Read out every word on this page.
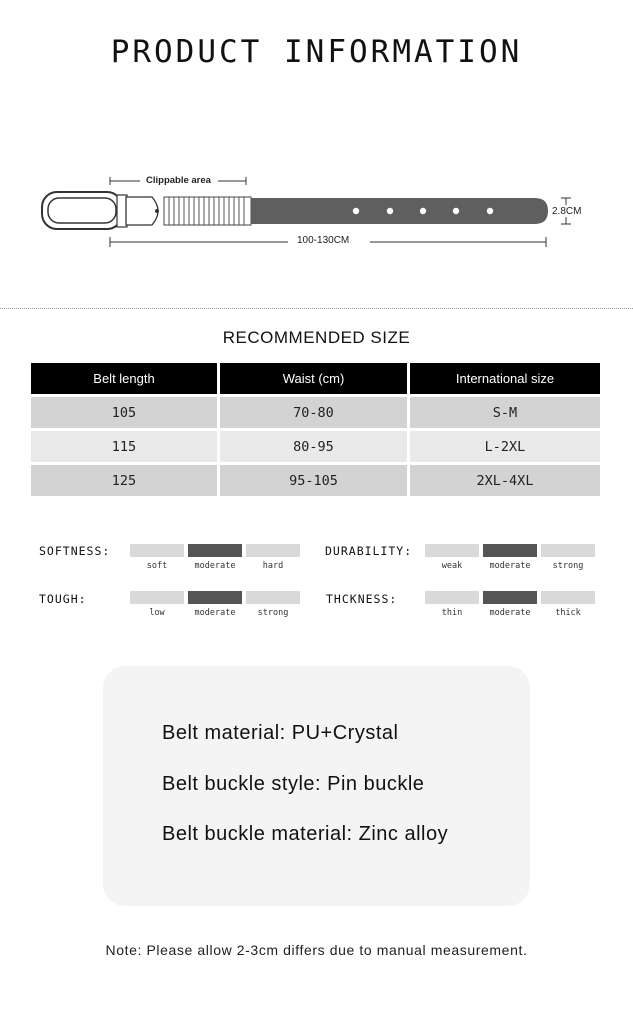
PRODUCT INFORMATION
Clippable area
100-130CM
2.8CM
RECOMMENDED SIZE
Belt length	Waist (cm)	International size
105	70-80	S-M
115	80-95	L-2XL
125	95-105	2XL-4XL
SOFTNESS:
soft	moderate	hard
DURABILITY:
weak	moderate	strong
TOUGH:
low	moderate	strong
THCKNESS:
thin	moderate	thick
Belt material: PU+Crystal
Belt buckle style: Pin buckle
Belt buckle material: Zinc alloy
Note: Please allow 2-3cm differs due to manual measurement.
